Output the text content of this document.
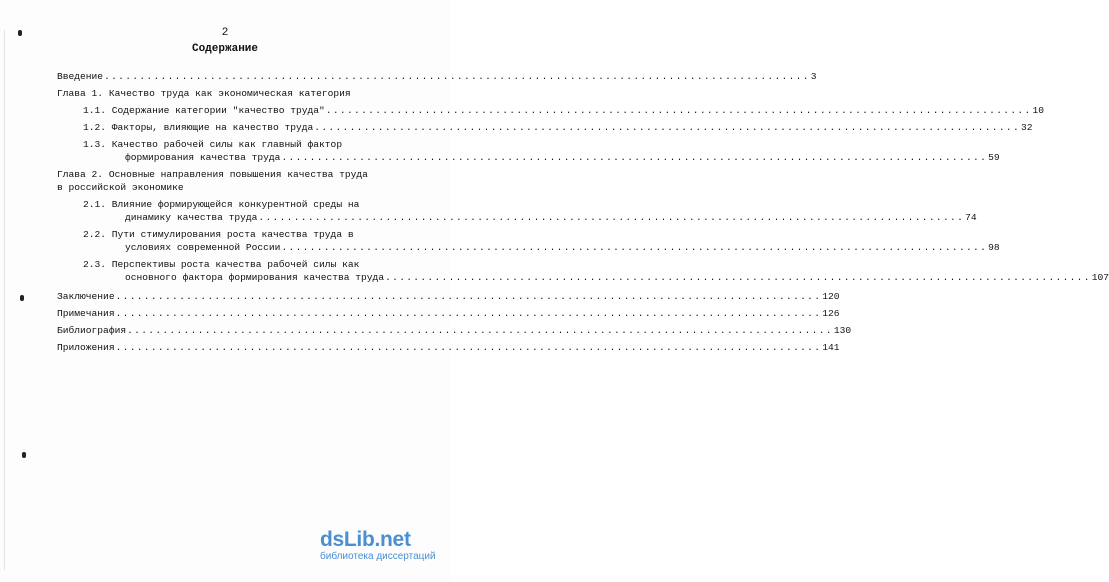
2
Содержание
Введение .................................................................................................... 3
Глава 1. Качество труда как экономическая категория
1.1. Содержание категории "качество труда" .................................................................................................... 10
1.2. Факторы, влияющие на качество труда .................................................................................................... 32
1.3. Качество рабочей силы как главный фактор
формирования качества труда .................................................................................................... 59
Глава 2. Основные направления повышения качества труда
в российской экономике
2.1. Влияние формирующейся конкурентной среды на
динамику качества труда .................................................................................................... 74
2.2. Пути стимулирования роста качества труда в
условиях современной России .................................................................................................... 98
2.3. Перспективы роста качества рабочей силы как
основного фактора формирования качества труда .................................................................................................... 107
Заключение .................................................................................................... 120
Примечания .................................................................................................... 126
Библиография .................................................................................................... 130
Приложения .................................................................................................... 141
dsLib.net
библиотека диссертаций
